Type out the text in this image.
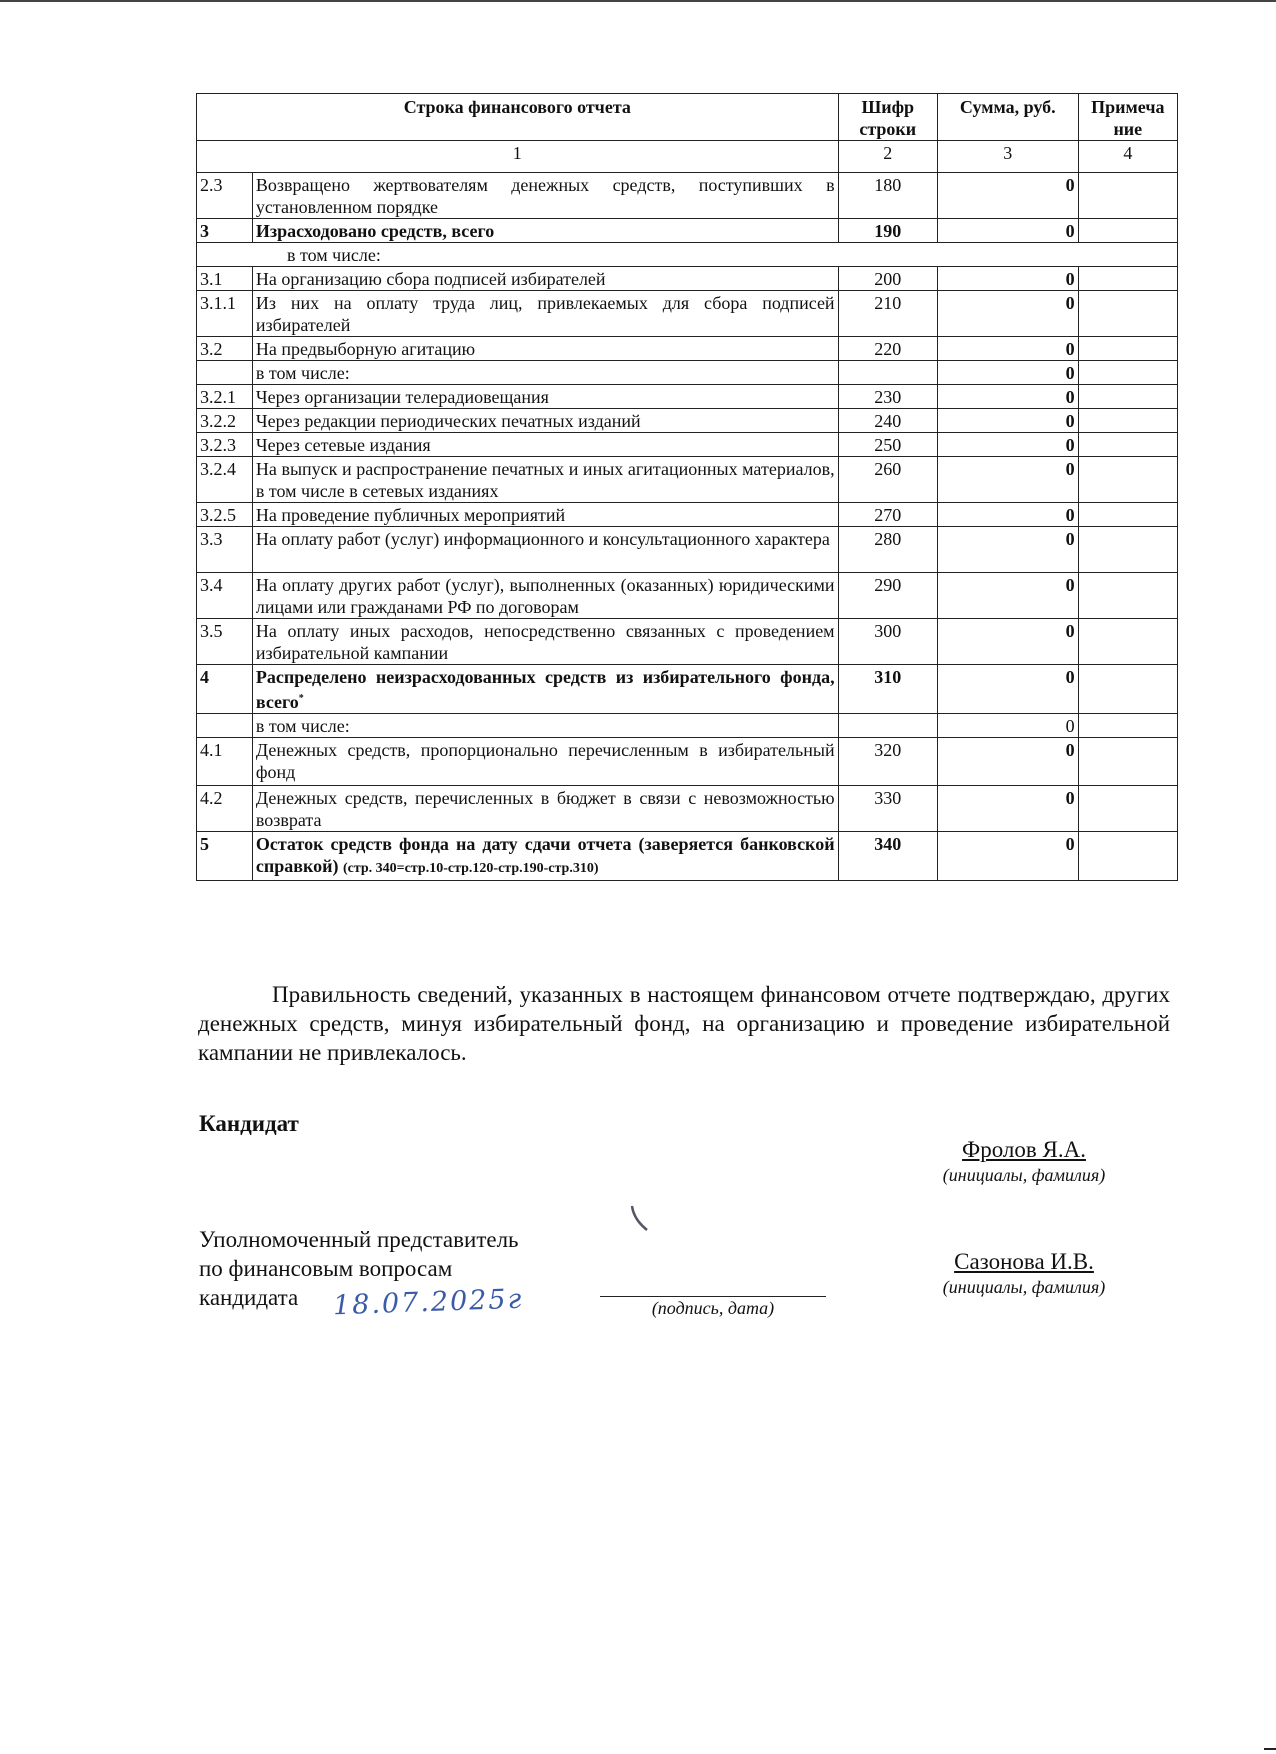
Строка финансового отчета		Шифр строки	Сумма, руб.	Примеча ние
1		2	3	4
2.3	Возвращено жертвователям денежных средств, поступивших в установленном порядке	180	0	
3	Израсходовано средств, всего	190	0	
в том числе:				
3.1	На организацию сбора подписей избирателей	200	0	
3.1.1	Из них на оплату труда лиц, привлекаемых для сбора подписей избирателей	210	0	
3.2	На предвыборную агитацию	220	0	
	в том числе:		0	
3.2.1	Через организации телерадиовещания	230	0	
3.2.2	Через редакции периодических печатных изданий	240	0	
3.2.3	Через сетевые издания	250	0	
3.2.4	На выпуск и распространение печатных и иных агитационных материалов, в том числе в сетевых изданиях	260	0	
3.2.5	На проведение публичных мероприятий	270	0	
3.3	На оплату работ (услуг) информационного и консультационного характера	280	0	
3.4	На оплату других работ (услуг), выполненных (оказанных) юридическими лицами или гражданами РФ по договорам	290	0	
3.5	На оплату иных расходов, непосредственно связанных с проведением избирательной кампании	300	0	
4	Распределено неизрасходованных средств из избирательного фонда, всего*	310	0	
	в том числе:		0	
4.1	Денежных средств, пропорционально перечисленным в избирательный фонд	320	0	
4.2	Денежных средств, перечисленных в бюджет в связи с невозможностью возврата	330	0	
5	Остаток средств фонда на дату сдачи отчета (заверяется банковской справкой) (стр. 340=стр.10-стр.120-стр.190-стр.310)	340	0	
Правильность сведений, указанных в настоящем финансовом отчете подтверждаю, других денежных средств, минуя избирательный фонд, на организацию и проведение избирательной кампании не привлекалось.
Кандидат
Фролов Я.А.
(инициалы, фамилия)
Уполномоченный представитель
по финансовым вопросам
кандидата	18.07.2025г	(подпись, дата)
Сазонова И.В.
(инициалы, фамилия)
